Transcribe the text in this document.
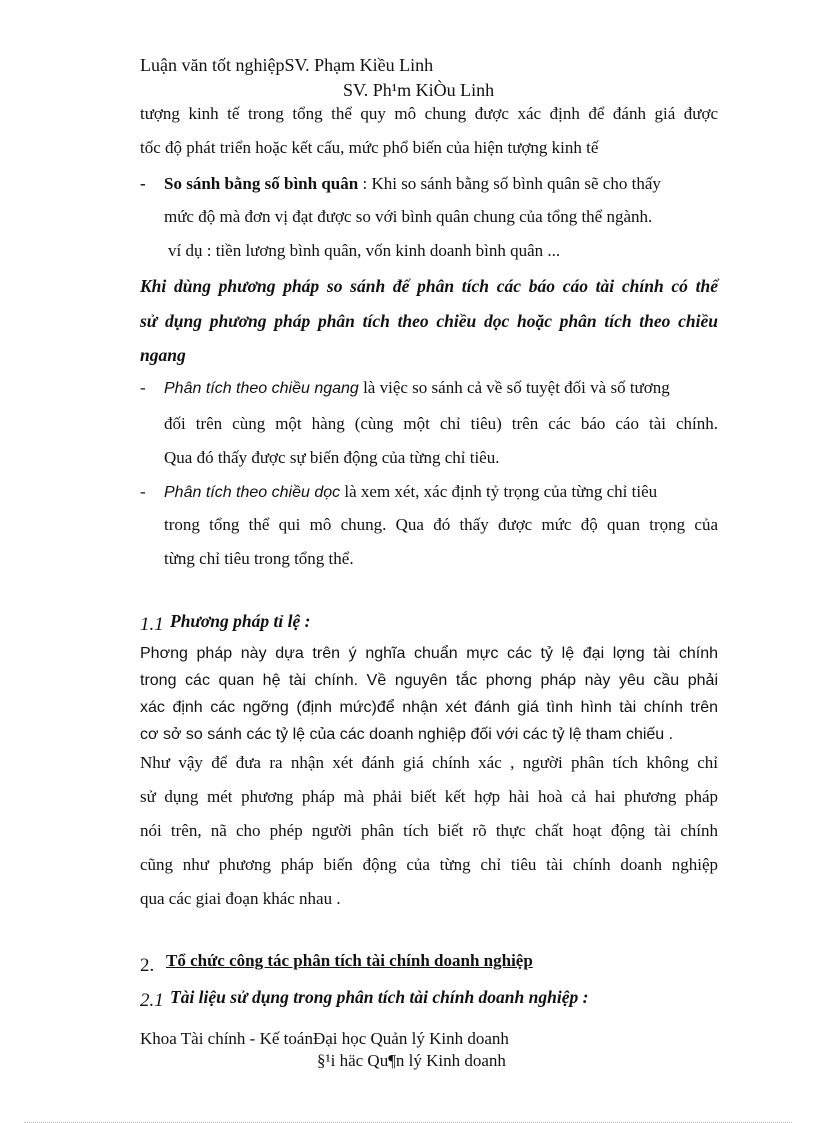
Luận văn tốt nghiệpSV. Phạm Kiều Linh
SV. Ph¹m KiÒu Linh
tượng kinh tế trong tổng thể quy mô chung được xác định để đánh giá được
tốc độ phát triển hoặc kết cấu, mức phổ biến của hiện tượng kinh tế
- So sánh bằng số bình quân : Khi so sánh bằng số bình quân sẽ cho thấy
mức độ mà đơn vị đạt được so với bình quân chung của tổng thể ngành.
ví dụ : tiền lương bình quân, vốn kinh doanh bình quân ...
Khi dùng phương pháp so sánh để phân tích các báo cáo tài chính có thể
sử dụng phương pháp phân tích theo chiều dọc hoặc phân tích theo chiều
ngang
- Phân tích theo chiều ngang là việc so sánh cả về số tuyệt đối và số tương
đối trên cùng một hàng (cùng một chỉ tiêu) trên các báo cáo tài chính.
Qua đó thấy được sự biến động của từng chỉ tiêu.
- Phân tích theo chiều dọc là xem xét, xác định tỷ trọng của từng chỉ tiêu
trong tổng thể qui mô chung. Qua đó thấy được mức độ quan trọng của
từng chỉ tiêu trong tổng thể.
1.1 Phương pháp tỉ lệ :
Phơng pháp này dựa trên ý nghĩa chuẩn mực các tỷ lệ đại lợng tài chính
trong các quan hệ tài chính. Về nguyên tắc phơng pháp này yêu cầu phải
xác định các ngỡng (định mức)để nhận xét đánh giá tình hình tài chính trên
cơ sở so sánh các tỷ lệ của các doanh nghiệp đối với các tỷ lệ tham chiếu .
Như vậy để đưa ra nhận xét đánh giá chính xác , người phân tích không chỉ
sử dụng mét phương pháp mà phải biết kết hợp hài hoà cả hai phương pháp
nói trên, nã cho phép người phân tích biết rõ thực chất hoạt động tài chính
cũng như phương pháp biến động của từng chỉ tiêu tài chính doanh nghiệp
qua các giai đoạn khác nhau .
2. Tổ chức công tác phân tích tài chính doanh nghiệp
2.1 Tài liệu sử dụng trong phân tích tài chính doanh nghiệp :
Khoa Tài chính - Kế toánĐại học Quản lý Kinh doanh
§¹i häc Qu¶n lý Kinh doanh
